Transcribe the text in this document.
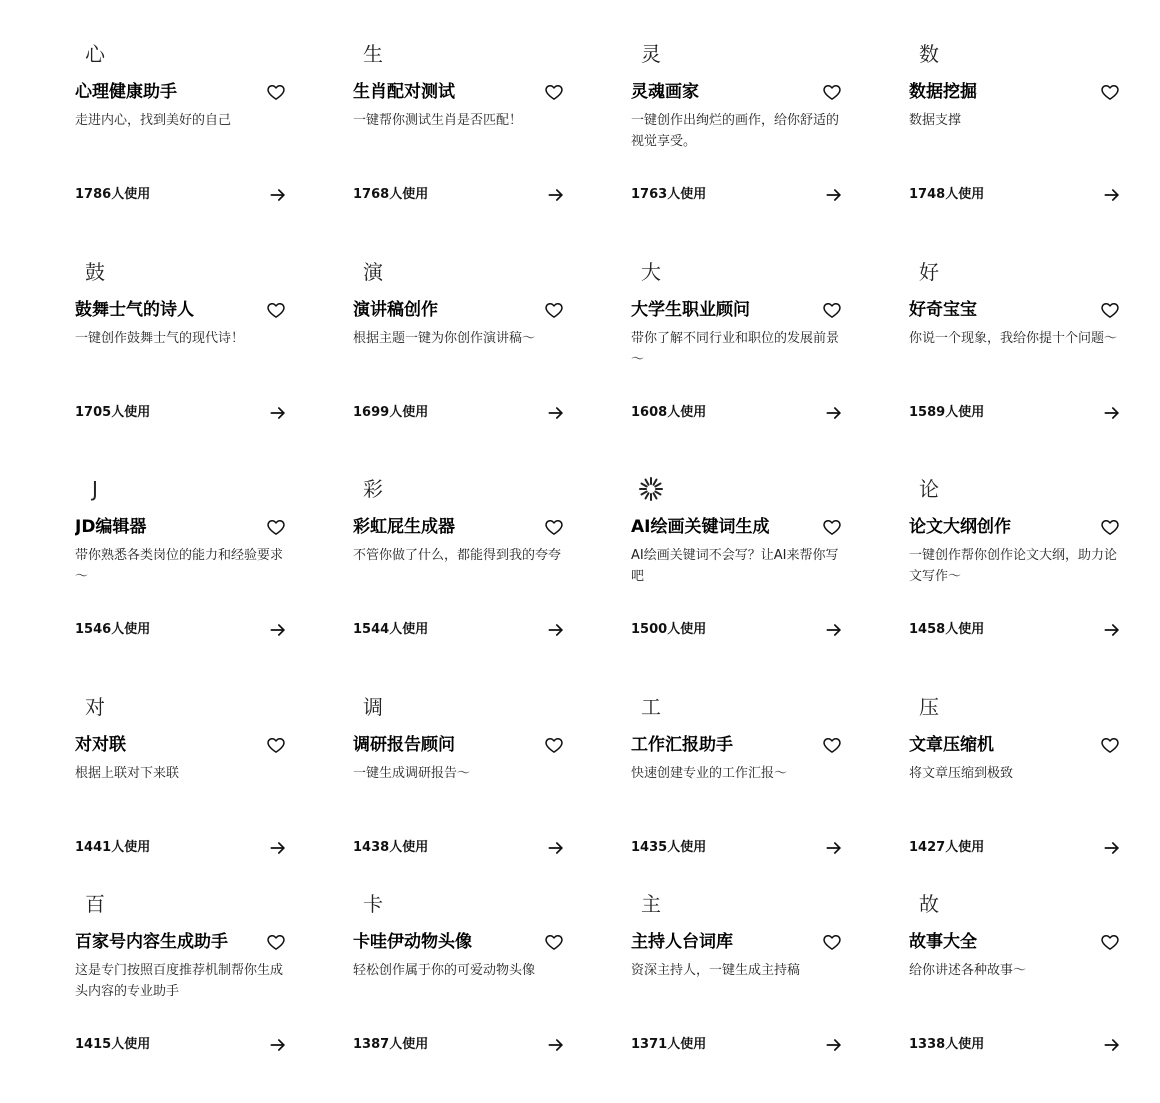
心
心理健康助手
走进内心，找到美好的自己
1786人使用
生
生肖配对测试
一键帮你测试生肖是否匹配！
1768人使用
灵
灵魂画家
一键创作出绚烂的画作，给你舒适的视觉享受。
1763人使用
数
数据挖掘
数据支撑
1748人使用
鼓
鼓舞士气的诗人
一键创作鼓舞士气的现代诗！
1705人使用
演
演讲稿创作
根据主题一键为你创作演讲稿～
1699人使用
大
大学生职业顾问
带你了解不同行业和职位的发展前景～
1608人使用
好
好奇宝宝
你说一个现象，我给你提十个问题～
1589人使用
J
JD编辑器
带你熟悉各类岗位的能力和经验要求～
1546人使用
彩
彩虹屁生成器
不管你做了什么，都能得到我的夸夸
1544人使用
AI绘画关键词生成
AI绘画关键词不会写？让AI来帮你写吧
1500人使用
论
论文大纲创作
一键创作帮你创作论文大纲，助力论文写作～
1458人使用
对
对对联
根据上联对下来联
1441人使用
调
调研报告顾问
一键生成调研报告～
1438人使用
工
工作汇报助手
快速创建专业的工作汇报～
1435人使用
压
文章压缩机
将文章压缩到极致
1427人使用
百
百家号内容生成助手
这是专门按照百度推荐机制帮你生成头内容的专业助手
1415人使用
卡
卡哇伊动物头像
轻松创作属于你的可爱动物头像
1387人使用
主
主持人台词库
资深主持人，一键生成主持稿
1371人使用
故
故事大全
给你讲述各种故事～
1338人使用
